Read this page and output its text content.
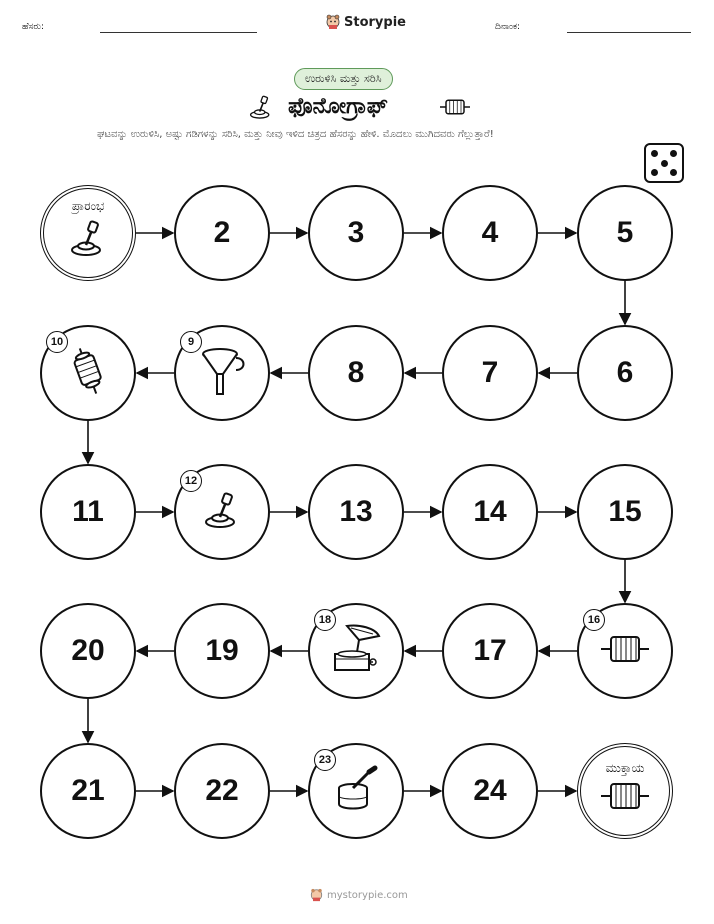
ಹೆಸರು:	Storypie	ದಿನಾಂಕ:
ಉರುಳಿಸಿ ಮತ್ತು ಸರಿಸಿ
ಫೊನೋಗ್ರಾಫ್
ಘಟವನ್ನು ಉರುಳಿಸಿ, ಅಷ್ಟು ಗಡಿಗಳನ್ನು ಸರಿಸಿ, ಮತ್ತು ನೀವು ಇಳಿದ ಚಿತ್ರದ ಹೆಸರನ್ನು ಹೇಳಿ. ಮೊದಲು ಮುಗಿದವರು ಗೆಲ್ಲುತ್ತಾರೆ!
ಪ್ರಾರಂಭ
2	3	4	5
6
7
8
9
10
11
12
13	14	15
16
17
18
19
20
21	22
23
24
ಮುಕ್ತಾಯ
mystorypie.com
